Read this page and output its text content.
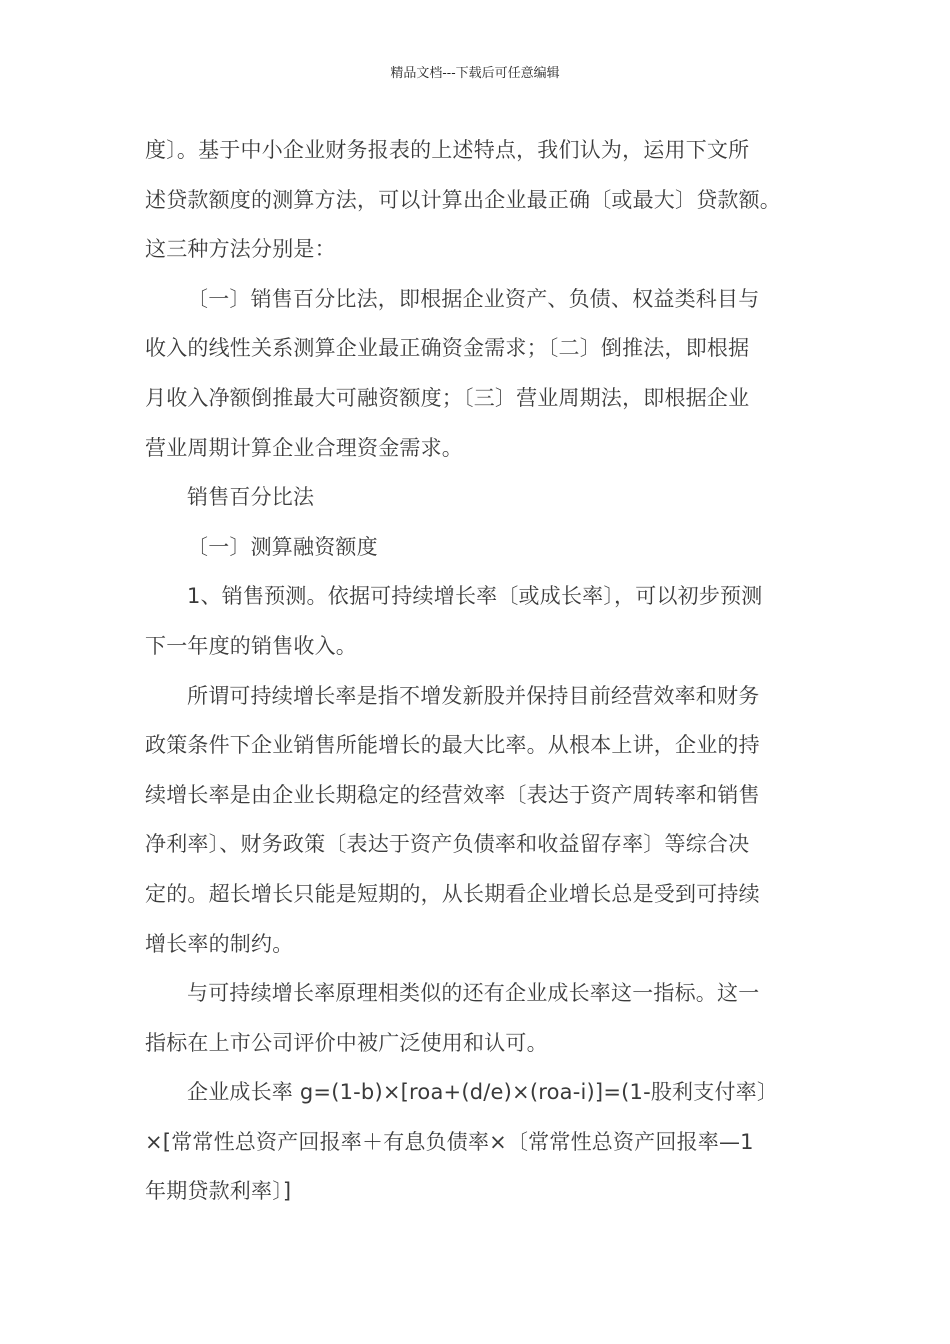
精品文档---下载后可任意编辑
度〕。基于中小企业财务报表的上述特点，我们认为，运用下文所
述贷款额度的测算方法，可以计算出企业最正确〔或最大〕贷款额。
这三种方法分别是：
〔一〕销售百分比法，即根据企业资产、负债、权益类科目与
收入的线性关系测算企业最正确资金需求；〔二〕倒推法，即根据
月收入净额倒推最大可融资额度；〔三〕营业周期法，即根据企业
营业周期计算企业合理资金需求。
销售百分比法
〔一〕测算融资额度
1、销售预测。依据可持续增长率〔或成长率〕，可以初步预测
下一年度的销售收入。
所谓可持续增长率是指不增发新股并保持目前经营效率和财务
政策条件下企业销售所能增长的最大比率。从根本上讲，企业的持
续增长率是由企业长期稳定的经营效率〔表达于资产周转率和销售
净利率〕、财务政策〔表达于资产负债率和收益留存率〕等综合决
定的。超长增长只能是短期的，从长期看企业增长总是受到可持续
增长率的制约。
与可持续增长率原理相类似的还有企业成长率这一指标。这一
指标在上市公司评价中被广泛使用和认可。
企业成长率 g=(1-b)×[roa+(d/e)×(roa-i)]=(1-股利支付率〕
×[常常性总资产回报率＋有息负债率×〔常常性总资产回报率—1
年期贷款利率〕]
